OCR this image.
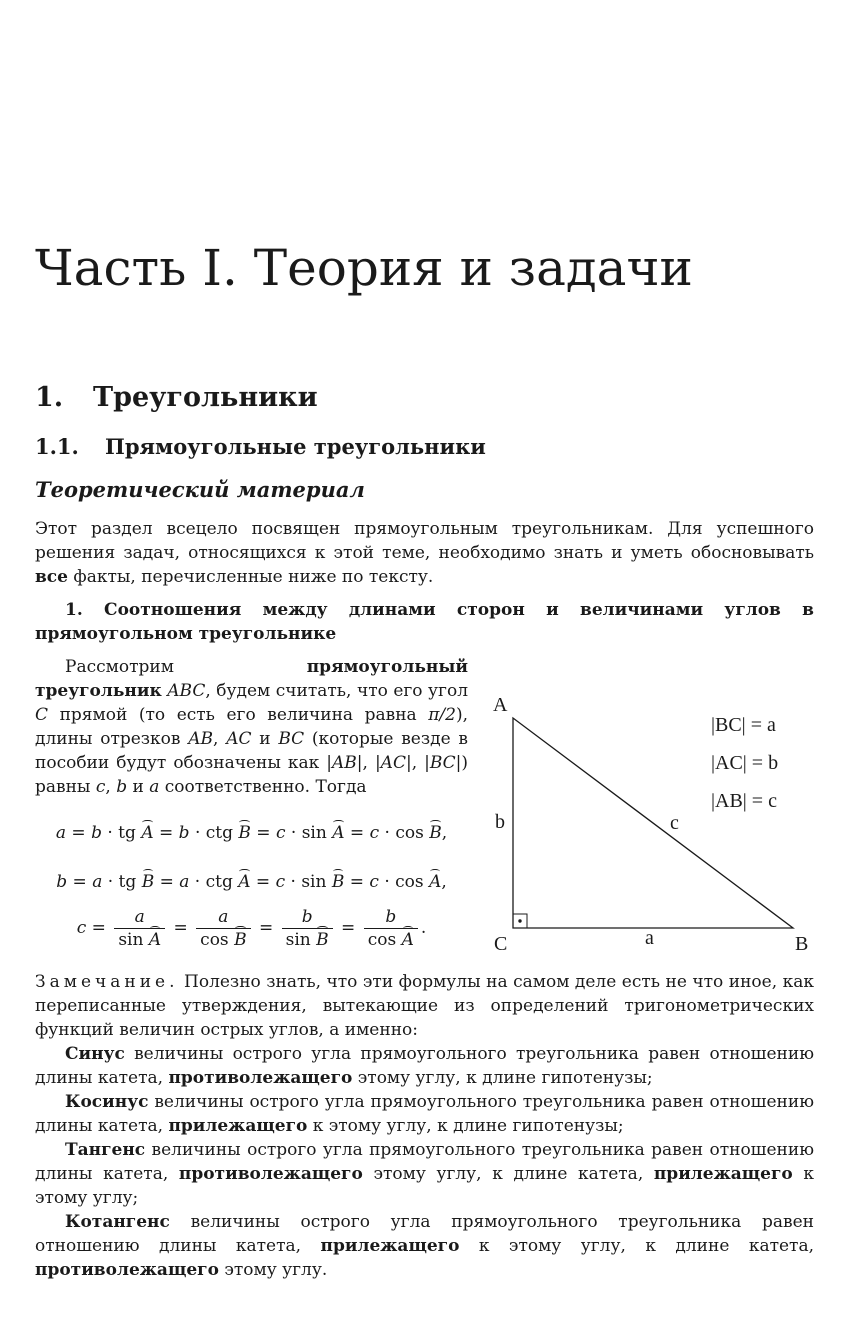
Часть I. Теория и задачи
1. Треугольники
1.1. Прямоугольные треугольники
Теоретический материал

Этот раздел всецело посвящен прямоугольным треугольникам. Для успешного решения задач, относящихся к этой теме, необходимо знать и уметь обосновывать все факты, перечисленные ниже по тексту.

1. Соотношения между длинами сторон и величинами углов в прямоугольном треугольнике

Рассмотрим прямоугольный треугольник ABC, будем считать, что его угол C прямой (то есть его величина равна π/2), длины отрезков AB, AC и BC (которые везде в пособии будут обозначены как |AB|, |AC|, |BC|) равны c, b и a соответственно. Тогда

a = b · tg A = b · ctg B = c · sin A = c · cos B,
b = a · tg B = a · ctg A = c · sin B = c · cos A,
$c = \frac{a}{\text{sin A}} = \frac{a}{\text{cos B}} = \frac{b}{\text{sin B}} = \frac{b}{\text{cos A}}$ .
A
B
C	a
b	c
|BC| = a
|AC| = b
|AB| = c

Замечание. Полезно знать, что эти формулы на самом деле есть не что иное, как переписанные утверждения, вытекающие из определений тригонометрических функций величин острых углов, а именно:

Синус величины острого угла прямоугольного треугольника равен отношению длины катета, противолежащего этому углу, к длине гипотенузы;

Косинус величины острого угла прямоугольного треугольника равен отношению длины катета, прилежащего к этому углу, к длине гипотенузы;

Тангенс величины острого угла прямоугольного треугольника равен отношению длины катета, противолежащего этому углу, к длине катета, прилежащего к этому углу;

Котангенс величины острого угла прямоугольного треугольника равен отношению длины катета, прилежащего к этому углу, к длине катета, противолежащего этому углу.
